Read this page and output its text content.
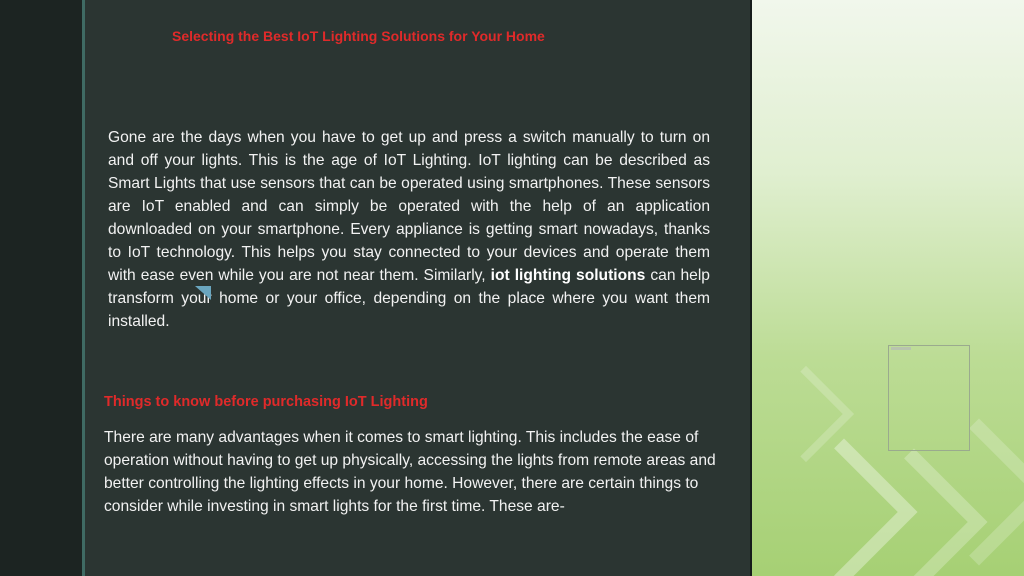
Selecting the Best IoT Lighting Solutions for Your Home
Gone are the days when you have to get up and press a switch manually to turn on and off your lights. This is the age of IoT Lighting. IoT lighting can be described as Smart Lights that use sensors that can be operated using smartphones. These sensors are IoT enabled and can simply be operated with the help of an application downloaded on your smartphone. Every appliance is getting smart nowadays, thanks to IoT technology. This helps you stay connected to your devices and operate them with ease even while you are not near them. Similarly, iot lighting solutions can help transform your home or your office, depending on the place where you want them installed.
Things to know before purchasing IoT Lighting
There are many advantages when it comes to smart lighting. This includes the ease of operation without having to get up physically, accessing the lights from remote areas and better controlling the lighting effects in your home. However, there are certain things to consider while investing in smart lights for the first time. These are-
